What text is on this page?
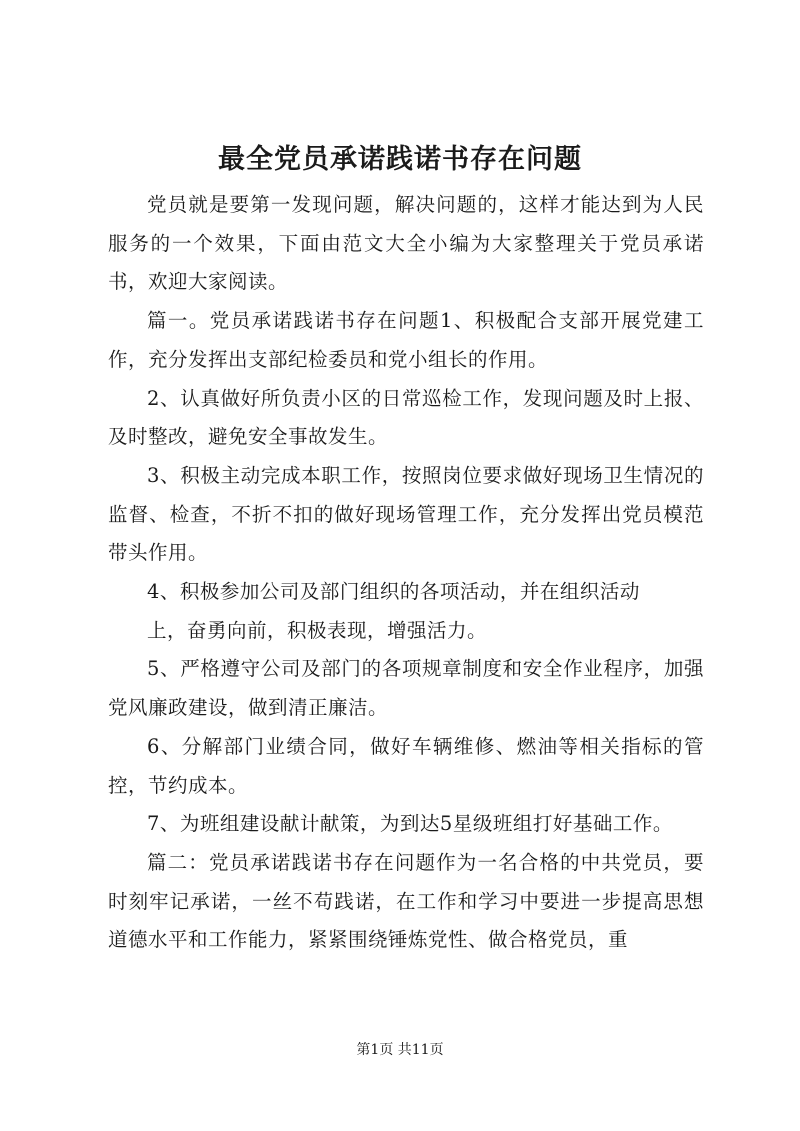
最全党员承诺践诺书存在问题

党员就是要第一发现问题，解决问题的，这样才能达到为人民服务的一个效果，下面由范文大全小编为大家整理关于党员承诺书，欢迎大家阅读。

篇一。党员承诺践诺书存在问题1、积极配合支部开展党建工作，充分发挥出支部纪检委员和党小组长的作用。

2、认真做好所负责小区的日常巡检工作，发现问题及时上报、及时整改，避免安全事故发生。

3、积极主动完成本职工作，按照岗位要求做好现场卫生情况的监督、检查，不折不扣的做好现场管理工作，充分发挥出党员模范带头作用。

4、积极参加公司及部门组织的各项活动，并在组织活动

上，奋勇向前，积极表现，增强活力。

5、严格遵守公司及部门的各项规章制度和安全作业程序，加强党风廉政建设，做到清正廉洁。

6、分解部门业绩合同，做好车辆维修、燃油等相关指标的管控，节约成本。

7、为班组建设献计献策，为到达5星级班组打好基础工作。

篇二：党员承诺践诺书存在问题作为一名合格的中共党员，要时刻牢记承诺，一丝不苟践诺，在工作和学习中要进一步提高思想道德水平和工作能力，紧紧围绕锤炼党性、做合格党员，重

第1页 共11页
